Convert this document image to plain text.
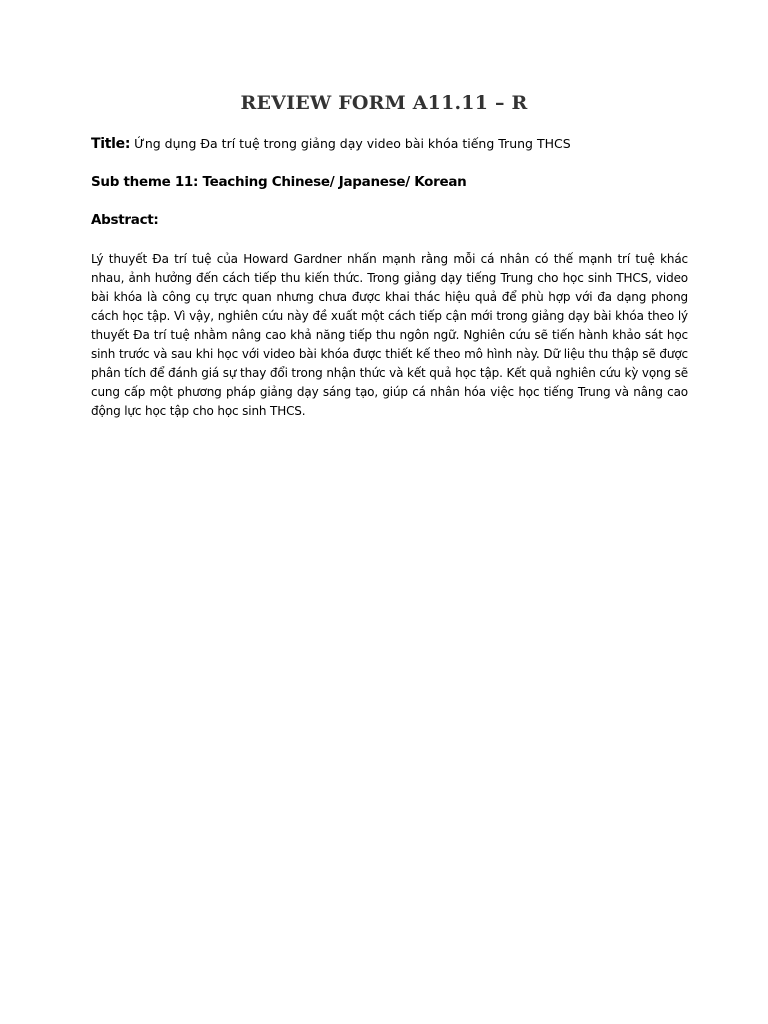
REVIEW FORM A11.11 – R

Title: Ứng dụng Đa trí tuệ trong giảng dạy video bài khóa tiếng Trung THCS

Sub theme 11: Teaching Chinese/ Japanese/ Korean

Abstract:

Lý thuyết Đa trí tuệ của Howard Gardner nhấn mạnh rằng mỗi cá nhân có thế mạnh trí tuệ khác nhau, ảnh hưởng đến cách tiếp thu kiến thức. Trong giảng dạy tiếng Trung cho học sinh THCS, video bài khóa là công cụ trực quan nhưng chưa được khai thác hiệu quả để phù hợp với đa dạng phong cách học tập. Vì vậy, nghiên cứu này đề xuất một cách tiếp cận mới trong giảng dạy bài khóa theo lý thuyết Đa trí tuệ nhằm nâng cao khả năng tiếp thu ngôn ngữ. Nghiên cứu sẽ tiến hành khảo sát học sinh trước và sau khi học với video bài khóa được thiết kế theo mô hình này. Dữ liệu thu thập sẽ được phân tích để đánh giá sự thay đổi trong nhận thức và kết quả học tập. Kết quả nghiên cứu kỳ vọng sẽ cung cấp một phương pháp giảng dạy sáng tạo, giúp cá nhân hóa việc học tiếng Trung và nâng cao động lực học tập cho học sinh THCS.
